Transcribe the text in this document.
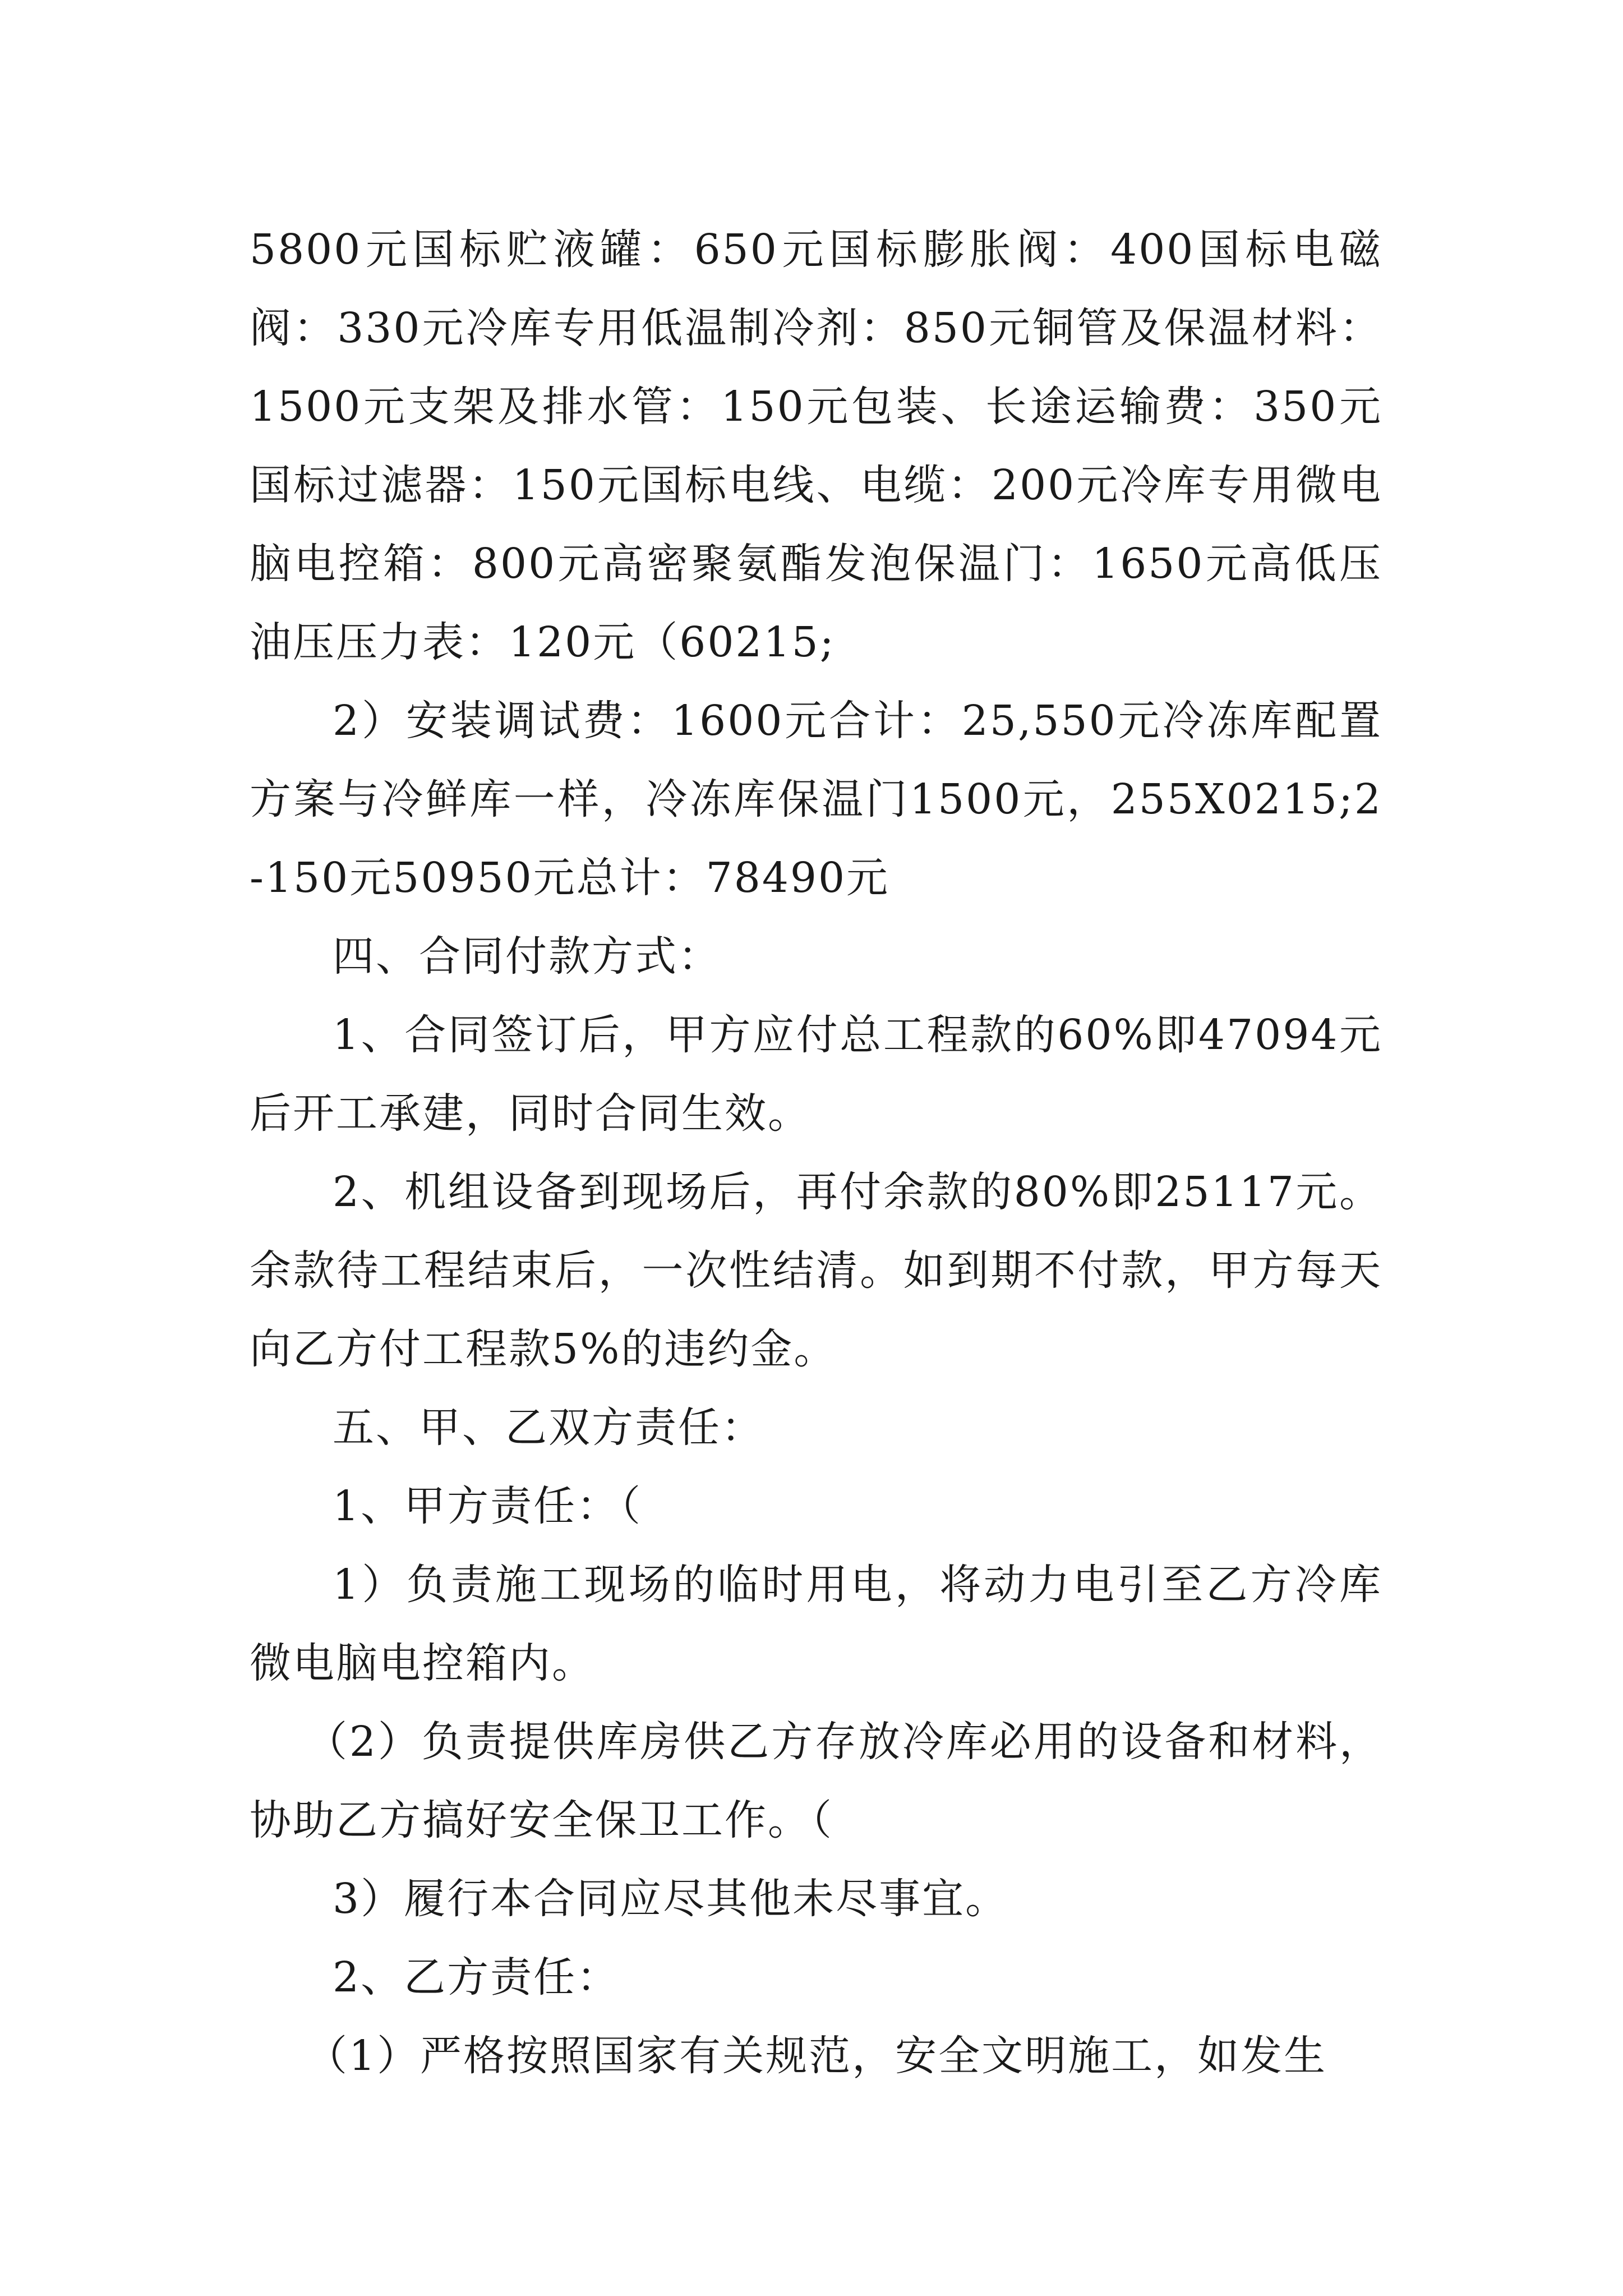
5800元国标贮液罐：650元国标膨胀阀：400国标电磁阀：330元冷库专用低温制冷剂：850元铜管及保温材料：1500元支架及排水管：150元包装、长途运输费：350元国标过滤器：150元国标电线、电缆：200元冷库专用微电脑电控箱：800元高密聚氨酯发泡保温门：1650元高低压油压压力表：120元（60215;

2）安装调试费：1600元合计：25,550元冷冻库配置方案与冷鲜库一样，冷冻库保温门1500元，255X0215;2-150元50950元总计：78490元

四、合同付款方式：

1、合同签订后，甲方应付总工程款的60%即47094元后开工承建，同时合同生效。

2、机组设备到现场后，再付余款的80%即25117元。余款待工程结束后，一次性结清。如到期不付款，甲方每天向乙方付工程款5%的违约金。

五、甲、乙双方责任：

1、甲方责任：（

1）负责施工现场的临时用电，将动力电引至乙方冷库微电脑电控箱内。

（2）负责提供库房供乙方存放冷库必用的设备和材料，协助乙方搞好安全保卫工作。（

3）履行本合同应尽其他未尽事宜。

2、乙方责任：

（1）严格按照国家有关规范，安全文明施工，如发生
